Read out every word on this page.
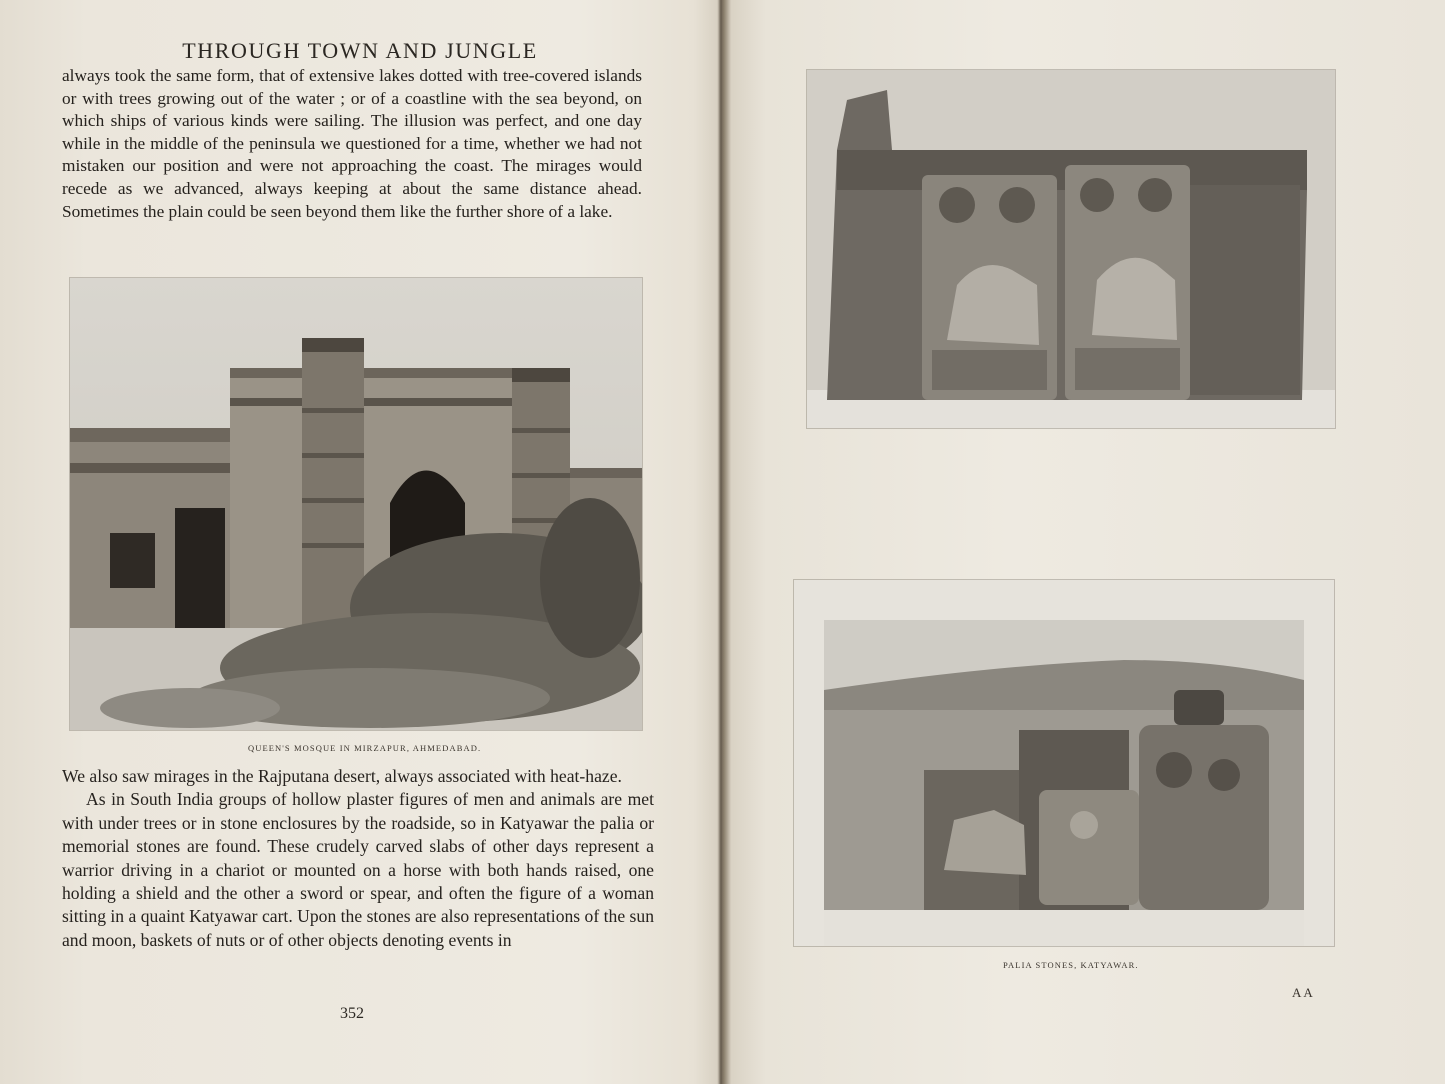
THROUGH TOWN AND JUNGLE
always took the same form, that of extensive lakes dotted with tree-covered islands or with trees growing out of the water ; or of a coastline with the sea beyond, on which ships of various kinds were sailing. The illusion was perfect, and one day while in the middle of the peninsula we questioned for a time, whether we had not mistaken our position and were not approaching the coast. The mirages would recede as we advanced, always keeping at about the same distance ahead. Sometimes the plain could be seen beyond them like the further shore of a lake.
QUEEN'S MOSQUE IN MIRZAPUR, AHMEDABAD.

We also saw mirages in the Rajputana desert, always associated with heat-haze.

As in South India groups of hollow plaster figures of men and animals are met with under trees or in stone enclosures by the roadside, so in Katyawar the palia or memorial stones are found. These crudely carved slabs of other days represent a warrior driving in a chariot or mounted on a horse with both hands raised, one holding a shield and the other a sword or spear, and often the figure of a woman sitting in a quaint Katyawar cart. Upon the stones are also representations of the sun and moon, baskets of nuts or of other objects denoting events in

352
PALIA STONES, KATYAWAR.
AA
